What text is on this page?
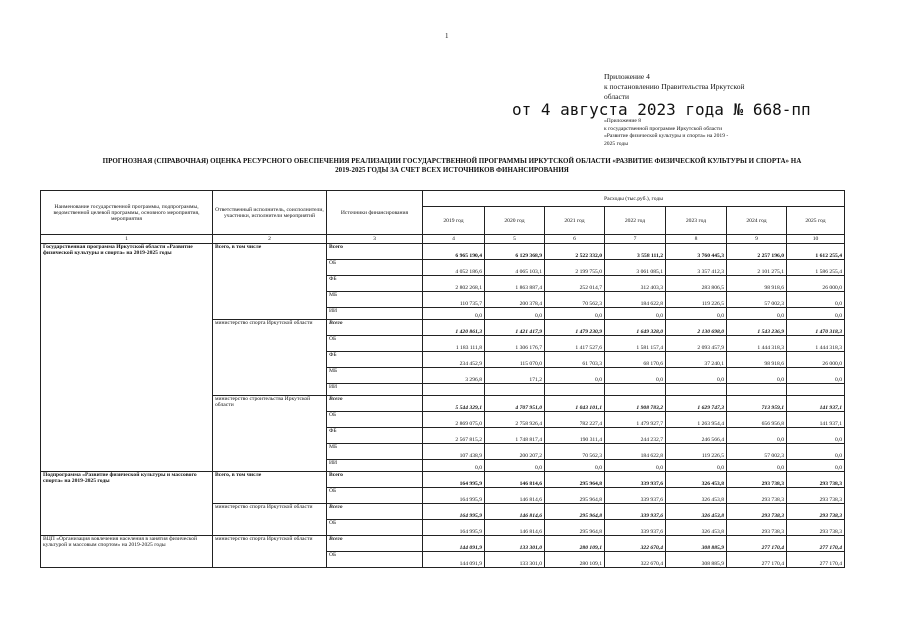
1
Приложение 4
к постановлению Правительства Иркутской
области
от 4 августа 2023 года № 668-пп
«Приложение 8
к государственной программе Иркутской области
«Развитие физической культуры и спорта» на 2019 -
2025 годы
ПРОГНОЗНАЯ (СПРАВОЧНАЯ) ОЦЕНКА РЕСУРСНОГО ОБЕСПЕЧЕНИЯ РЕАЛИЗАЦИИ ГОСУДАРСТВЕННОЙ ПРОГРАММЫ ИРКУТСКОЙ ОБЛАСТИ «РАЗВИТИЕ ФИЗИЧЕСКОЙ КУЛЬТУРЫ И СПОРТА» НА
2019-2025 ГОДЫ ЗА СЧЕТ ВСЕХ ИСТОЧНИКОВ ФИНАНСИРОВАНИЯ
Наименование государственной программы, подпрограммы, ведомственной целевой программы, основного мероприятия, мероприятия	Ответственный исполнитель, соисполнители, участники, исполнители мероприятий	Источники финансирования	Расходы (тыс.руб.), годы						
			2019 год	2020 год	2021 год	2022 год	2023 год	2024 год	2025 год
1	2	3	4	5	6	7	8	9	10
Государственная программа Иркутской области «Развитие физической культуры и спорта» на 2019-2025 годы	Всего, в том числе	Всего	6 965 190,4	6 129 368,9	2 522 332,0	3 558 111,2	3 760 445,3	2 257 196,0	1 612 255,4
		ОБ	4 052 186,6	4 065 103,1	2 199 755,0	3 061 085,1	3 357 412,3	2 101 275,1	1 586 255,4
		ФБ	2 802 268,1	1 863 887,4	252 014,7	312 403,3	283 806,5	98 918,6	26 000,0
		МБ	110 735,7	200 378,4	70 562,3	184 622,8	119 226,5	57 002,3	0,0
		ИИ	0,0	0,0	0,0	0,0	0,0	0,0	0,0
	министерство спорта Иркутской области	Всего	1 420 861,3	1 421 417,9	1 479 230,9	1 649 328,0	2 130 698,0	1 543 236,9	1 470 318,3
		ОБ	1 183 111,8	1 306 176,7	1 417 527,6	1 581 157,4	2 093 457,9	1 444 318,3	1 444 318,3
		ФБ	234 452,9	115 070,0	61 703,3	68 170,6	37 240,1	98 918,6	26 000,0
		МБ	3 296,8	171,2	0,0	0,0	0,0	0,0	0,0
		ИИ							
	министерство строительства Иркутской области	Всего	5 544 329,1	4 707 951,0	1 043 101,1	1 908 783,2	1 629 747,3	713 959,1	141 937,1
		ОБ	2 869 075,0	2 758 926,4	782 227,4	1 479 927,7	1 263 954,4	656 956,8	141 937,1
		ФБ	2 567 815,2	1 748 817,4	190 311,4	244 232,7	246 566,4	0,0	0,0
		МБ	107 438,9	200 207,2	70 562,3	184 622,8	119 226,5	57 002,3	0,0
		ИИ	0,0	0,0	0,0	0,0	0,0	0,0	0,0
Подпрограмма «Развитие физической культуры и массового спорта» на 2019-2025 годы	Всего, в том числе	Всего	164 995,9	146 814,6	295 964,8	339 937,6	326 453,8	293 738,3	293 738,3
		ОБ	164 995,9	146 814,6	295 964,8	339 937,6	326 453,8	293 738,3	293 738,3
	министерство спорта Иркутской области	Всего	164 995,9	146 814,6	295 964,8	339 937,6	326 453,8	293 738,3	293 738,3
		ОБ	164 995,9	146 814,6	295 964,8	339 937,6	326 453,8	293 738,3	293 738,3
ВЦП «Организация вовлечения населения в занятия физической культурой и массовым спортом» на 2019-2025 годы	министерство спорта Иркутской области	Всего	144 091,9	133 301,0	280 109,1	322 670,4	308 885,9	277 170,4	277 170,4
		ОБ	144 091,9	133 301,0	280 109,1	322 670,4	308 885,9	277 170,4	277 170,4
